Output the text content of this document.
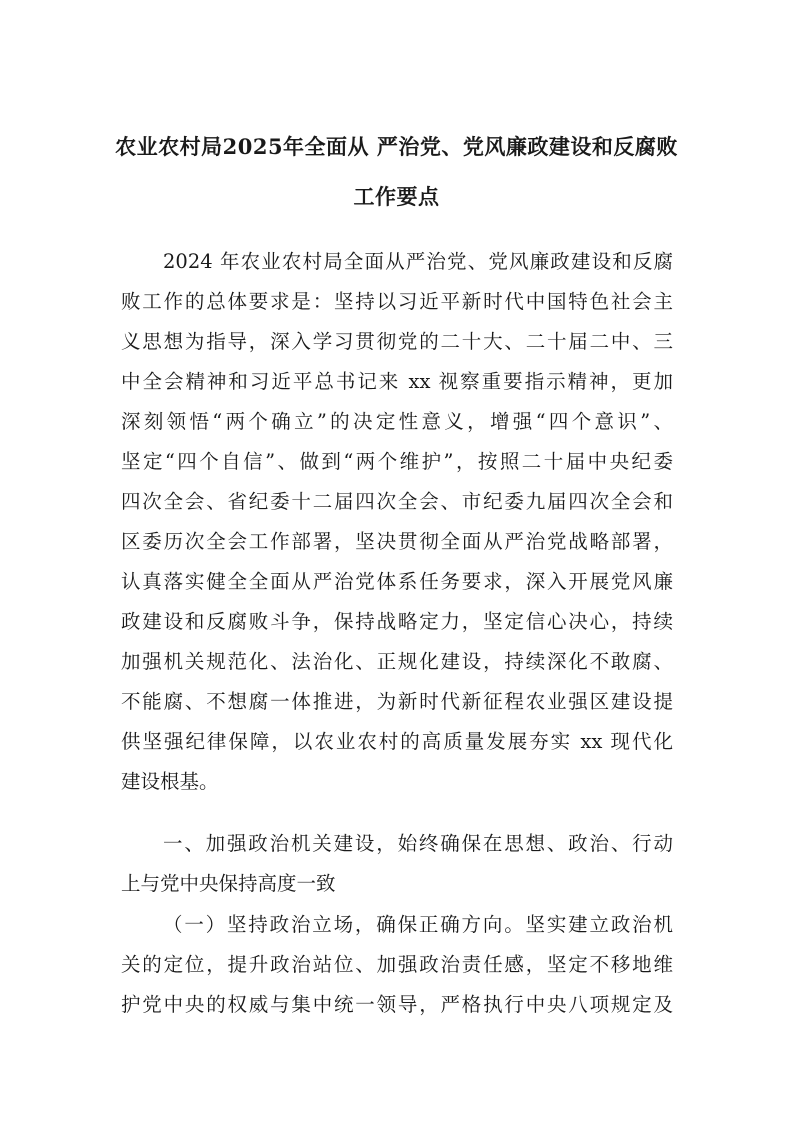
农业农村局2025年全面从 严治党、党风廉政建设和反腐败
工作要点
2024 年农业农村局全面从严治党、党风廉政建设和反腐
败工作的总体要求是：坚持以习近平新时代中国特色社会主
义思想为指导，深入学习贯彻党的二十大、二十届二中、三
中全会精神和习近平总书记来 xx 视察重要指示精神，更加
深刻领悟“两个确立”的决定性意义，增强“四个意识”、
坚定“四个自信”、做到“两个维护”，按照二十届中央纪委
四次全会、省纪委十二届四次全会、市纪委九届四次全会和
区委历次全会工作部署，坚决贯彻全面从严治党战略部署，
认真落实健全全面从严治党体系任务要求，深入开展党风廉
政建设和反腐败斗争，保持战略定力，坚定信心决心，持续
加强机关规范化、法治化、正规化建设，持续深化不敢腐、
不能腐、不想腐一体推进，为新时代新征程农业强区建设提
供坚强纪律保障，以农业农村的高质量发展夯实 xx 现代化
建设根基。
一、加强政治机关建设，始终确保在思想、政治、行动
上与党中央保持高度一致
（一）坚持政治立场，确保正确方向。坚实建立政治机
关的定位，提升政治站位、加强政治责任感，坚定不移地维
护党中央的权威与集中统一领导，严格执行中央八项规定及
